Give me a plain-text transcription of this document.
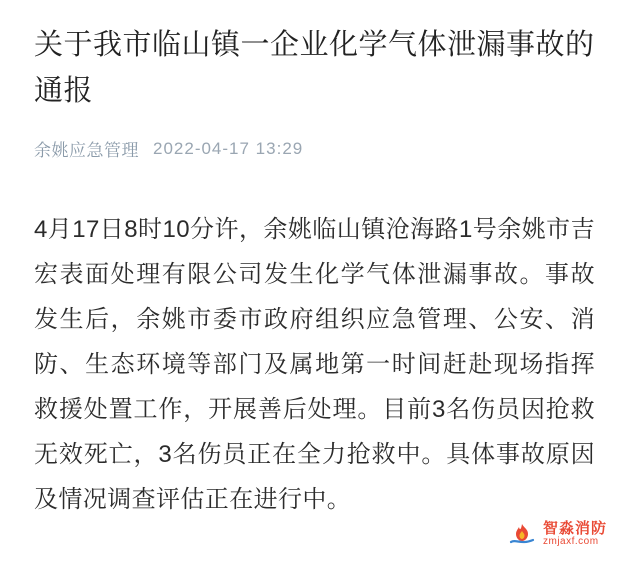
关于我市临山镇一企业化学气体泄漏事故的通报
余姚应急管理 2022-04-17 13:29

4月17日8时10分许，余姚临山镇沧海路1号余姚市吉宏表面处理有限公司发生化学气体泄漏事故。事故发生后，余姚市委市政府组织应急管理、公安、消防、生态环境等部门及属地第一时间赶赴现场指挥救援处置工作，开展善后处理。目前3名伤员因抢救无效死亡，3名伤员正在全力抢救中。具体事故原因及情况调查评估正在进行中。

智淼消防
zmjaxf.com
